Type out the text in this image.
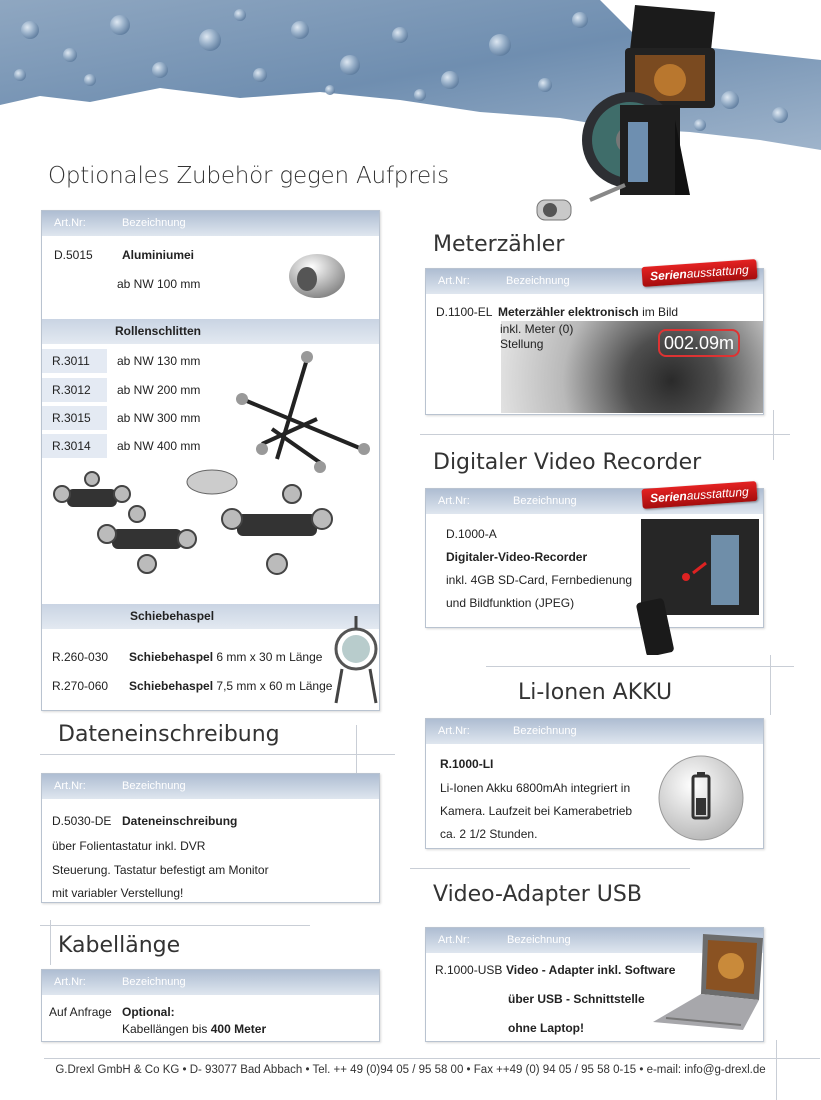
Optionales Zubehör gegen Aufpreis
Art.Nr:	Bezeichnung
D.5015 Aluminiumei
ab NW 100 mm
Rollenschlitten
R.3011	ab NW 130 mm
R.3012	ab NW 200 mm
R.3015	ab NW 300 mm
R.3014	ab NW 400 mm
Schiebehaspel
R.260-030 Schiebehaspel 6 mm x 30 m Länge
R.270-060 Schiebehaspel 7,5 mm x 60 m Länge
Dateneinschreibung
Art.Nr:	Bezeichnung
D.5030-DE Dateneinschreibung
über Folientastatur inkl. DVR
Steuerung. Tastatur befestigt am Monitor
mit variabler Verstellung!
Kabellänge
Art.Nr:	Bezeichnung
Auf Anfrage Optional:
Kabellängen bis 400 Meter
Meterzähler
Art.Nr:	Bezeichnung	Serienausstattung
002.09m
D.1100-EL Meterzähler elektronisch im Bild
inkl. Meter (0)
Stellung
Digitaler Video Recorder
Art.Nr:	Bezeichnung	Serienausstattung
D.1000-A
Digitaler-Video-Recorder
inkl. 4GB SD-Card, Fernbedienung
und Bildfunktion (JPEG)
Li-Ionen AKKU
Art.Nr:	Bezeichnung
R.1000-LI
Li-Ionen Akku 6800mAh integriert in
Kamera. Laufzeit bei Kamerabetrieb
ca. 2 1/2 Stunden.
Video-Adapter USB
Art.Nr:	Bezeichnung
R.1000-USB Video - Adapter inkl. Software
über USB - Schnittstelle
ohne Laptop!
G.Drexl GmbH & Co KG • D- 93077 Bad Abbach • Tel. ++ 49 (0)94 05 / 95 58 00 • Fax ++49 (0) 94 05 / 95 58 0-15 • e-mail: info@g-drexl.de
